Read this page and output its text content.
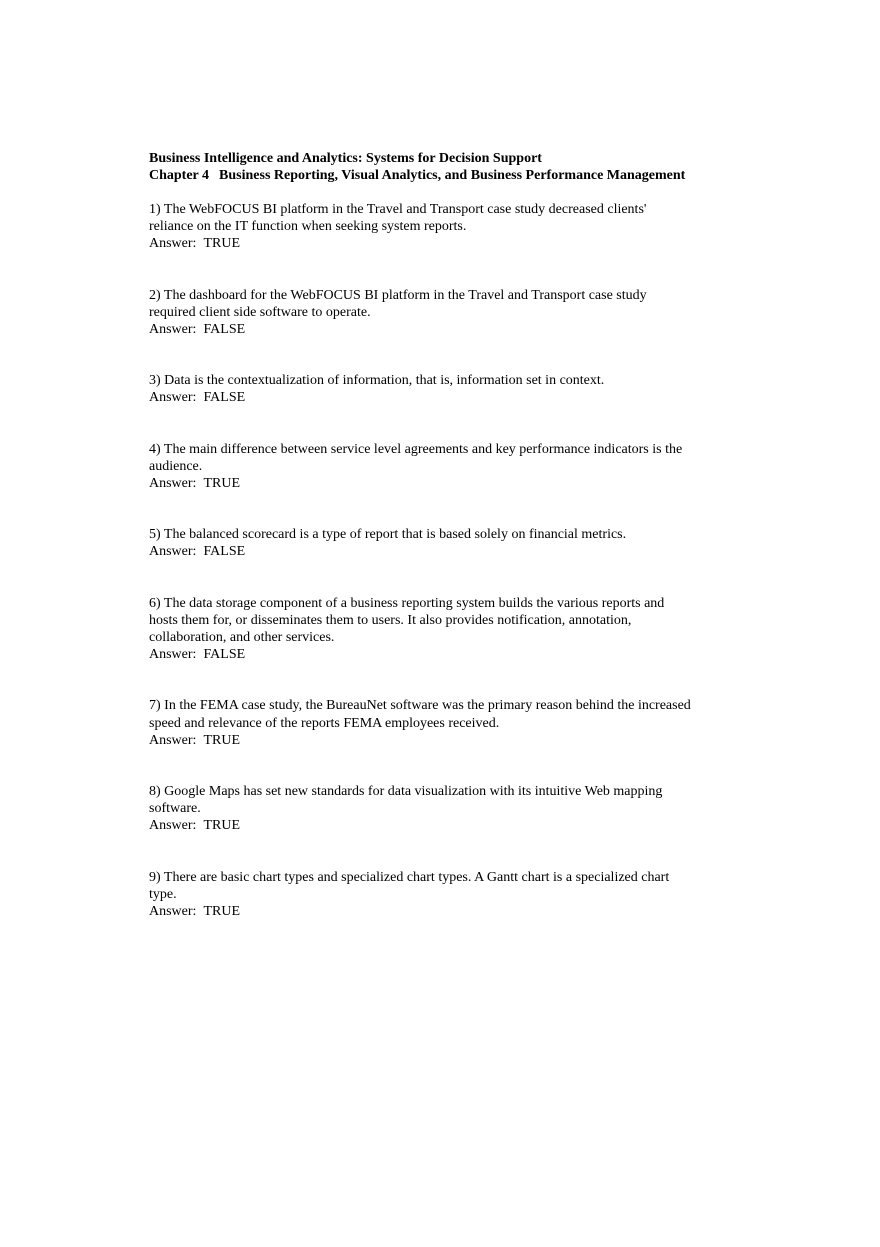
Business Intelligence and Analytics: Systems for Decision Support
Chapter 4 Business Reporting, Visual Analytics, and Business Performance Management
1) The WebFOCUS BI platform in the Travel and Transport case study decreased clients'
reliance on the IT function when seeking system reports.
Answer: TRUE
2) The dashboard for the WebFOCUS BI platform in the Travel and Transport case study
required client side software to operate.
Answer: FALSE
3) Data is the contextualization of information, that is, information set in context.
Answer: FALSE
4) The main difference between service level agreements and key performance indicators is the
audience.
Answer: TRUE
5) The balanced scorecard is a type of report that is based solely on financial metrics.
Answer: FALSE
6) The data storage component of a business reporting system builds the various reports and
hosts them for, or disseminates them to users. It also provides notification, annotation,
collaboration, and other services.
Answer: FALSE
7) In the FEMA case study, the BureauNet software was the primary reason behind the increased
speed and relevance of the reports FEMA employees received.
Answer: TRUE
8) Google Maps has set new standards for data visualization with its intuitive Web mapping
software.
Answer: TRUE
9) There are basic chart types and specialized chart types. A Gantt chart is a specialized chart
type.
Answer: TRUE
